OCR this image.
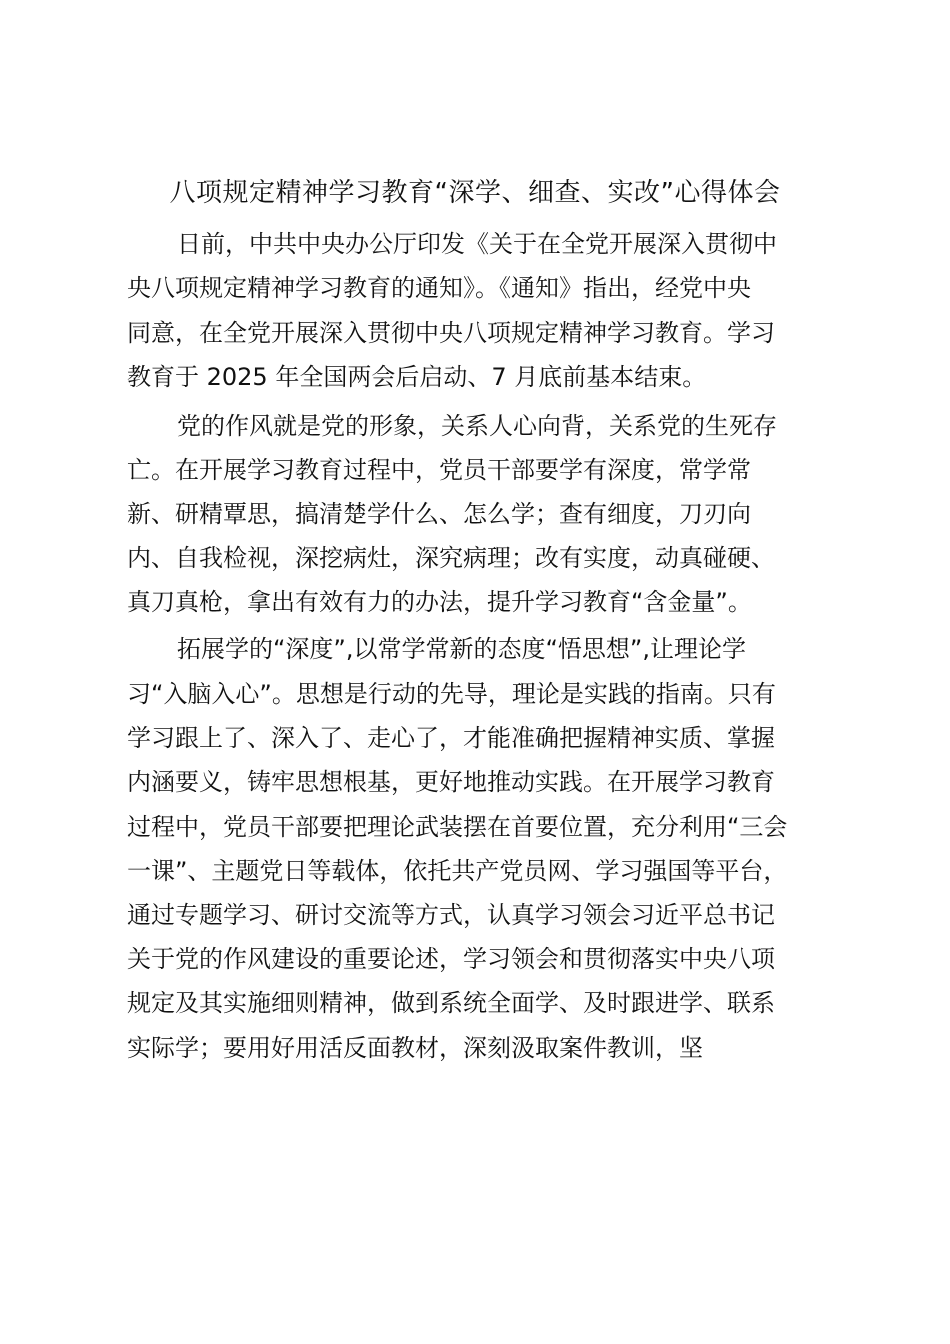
八项规定精神学习教育“深学、细查、实改”心得体会

日前，中共中央办公厅印发《关于在全党开展深入贯彻中

央八项规定精神学习教育的通知》。《通知》指出，经党中央

同意，在全党开展深入贯彻中央八项规定精神学习教育。学习

教育于 2025 年全国两会后启动、7 月底前基本结束。

党的作风就是党的形象，关系人心向背，关系党的生死存

亡。在开展学习教育过程中，党员干部要学有深度，常学常

新、研精覃思，搞清楚学什么、怎么学；查有细度，刀刃向

内、自我检视，深挖病灶，深究病理；改有实度，动真碰硬、

真刀真枪，拿出有效有力的办法，提升学习教育“含金量”。

拓展学的“深度”,以常学常新的态度“悟思想”,让理论学

习“入脑入心”。思想是行动的先导，理论是实践的指南。只有

学习跟上了、深入了、走心了，才能准确把握精神实质、掌握

内涵要义，铸牢思想根基，更好地推动实践。在开展学习教育

过程中，党员干部要把理论武装摆在首要位置，充分利用“三会

一课”、主题党日等载体，依托共产党员网、学习强国等平台，

通过专题学习、研讨交流等方式，认真学习领会习近平总书记

关于党的作风建设的重要论述，学习领会和贯彻落实中央八项

规定及其实施细则精神，做到系统全面学、及时跟进学、联系

实际学；要用好用活反面教材，深刻汲取案件教训，坚
